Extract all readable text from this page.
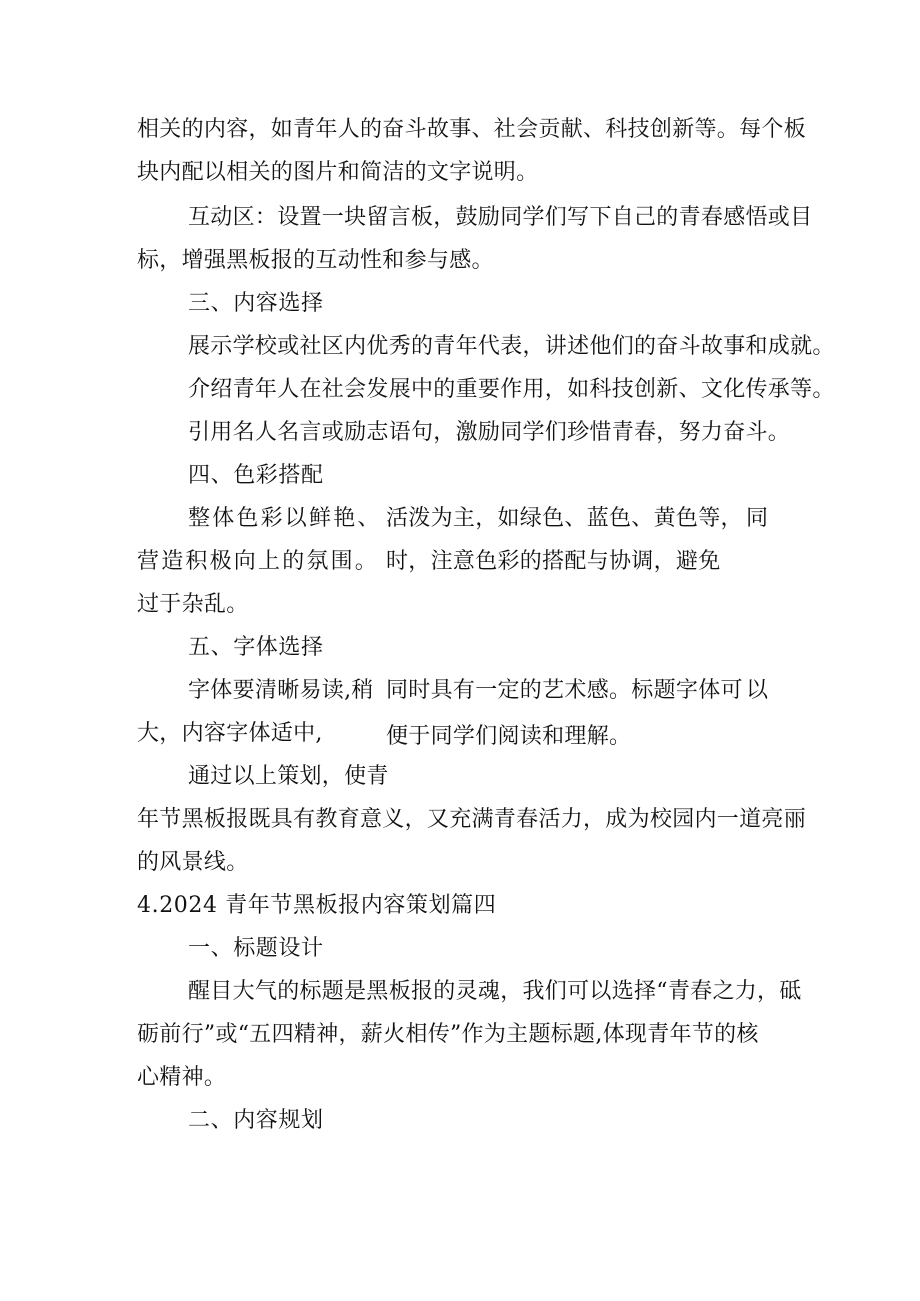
相关的内容，如青年人的奋斗故事、社会贡献、科技创新等。每个板
块内配以相关的图片和简洁的文字说明。
互动区：设置一块留言板，鼓励同学们写下自己的青春感悟或目
标，增强黑板报的互动性和参与感。
三、内容选择
展示学校或社区内优秀的青年代表，讲述他们的奋斗故事和成就。
介绍青年人在社会发展中的重要作用，如科技创新、文化传承等。
引用名人名言或励志语句，激励同学们珍惜青春，努力奋斗。
四、色彩搭配
整体色彩以鲜艳、 活泼为主，如绿色、蓝色、黄色等， 同
营造积极向上的氛围。 时，注意色彩的搭配与协调，避免
过于杂乱。
五、字体选择
字体要清晰易读,稍 同时具有一定的艺术感。标题字体可 以
大，内容字体适中,	便于同学们阅读和理解。
通过以上策划，使青
年节黑板报既具有教育意义，又充满青春活力，成为校园内一道亮丽
的风景线。
4.2024 青年节黑板报内容策划篇四
一、标题设计
醒目大气的标题是黑板报的灵魂，我们可以选择“青春之力，砥
砺前行”或“五四精神，薪火相传”作为主题标题,体现青年节的核
心精神。
二、内容规划
